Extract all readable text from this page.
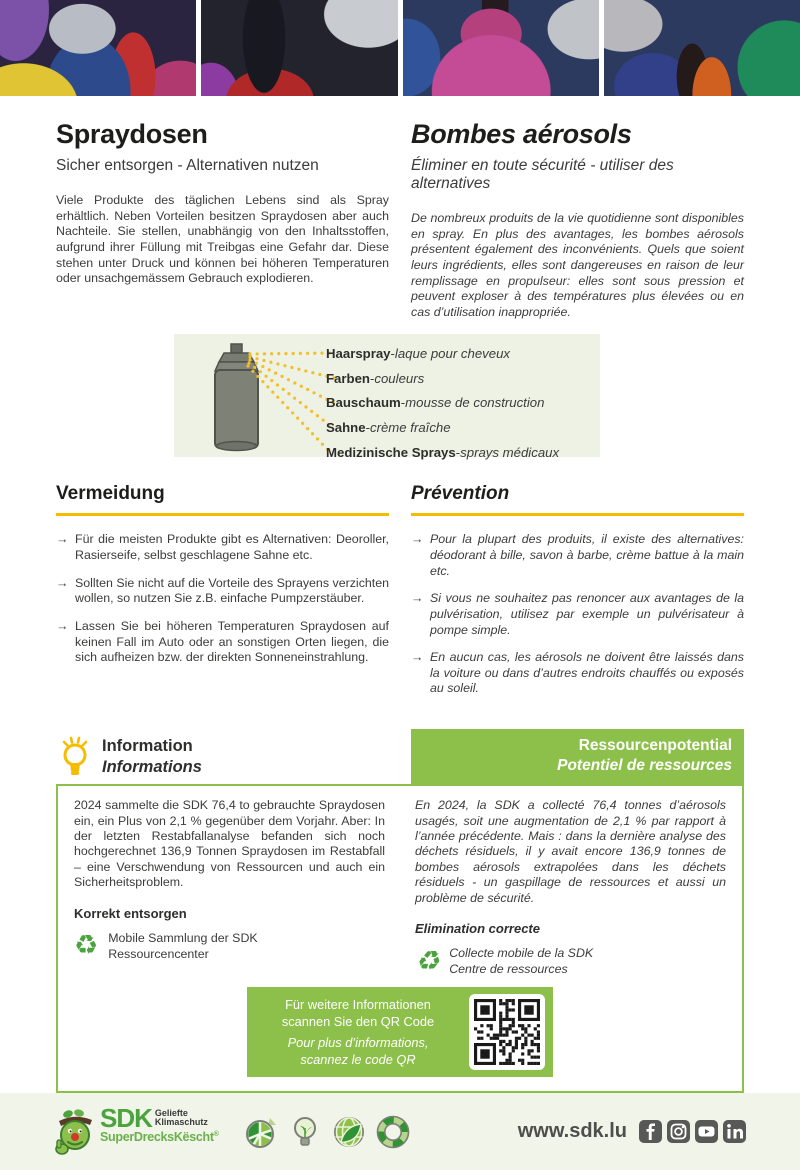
Spraydosen
Sicher entsorgen - Alternativen nutzen

Viele Produkte des täglichen Lebens sind als Spray erhältlich. Neben Vorteilen besitzen Spraydosen aber auch Nachteile. Sie stellen, unabhängig von den Inhaltsstoffen, aufgrund ihrer Füllung mit Treibgas eine Gefahr dar. Diese stehen unter Druck und können bei höheren Temperaturen oder unsachgemässem Gebrauch explodieren.

Bombes aérosols
Éliminer en toute sécurité - utiliser des alternatives

De nombreux produits de la vie quotidienne sont disponibles en spray. En plus des avantages, les bombes aérosols présentent également des inconvénients. Quels que soient leurs ingrédients, elles sont dangereuses en raison de leur remplissage en propulseur: elles sont sous pression et peuvent exploser à des températures plus élevées ou en cas d’utilisation inappropriée.

Haarspray - laque pour cheveux
Farben - couleurs
Bauschaum - mousse de construction
Sahne - crème fraîche
Medizinische Sprays - sprays médicaux
Vermeidung
→ Für die meisten Produkte gibt es Alternativen: Deoroller, Rasierseife, selbst geschlagene Sahne etc.
→ Sollten Sie nicht auf die Vorteile des Sprayens verzichten wollen, so nutzen Sie z.B. einfache Pumpzerstäuber.
→ Lassen Sie bei höheren Temperaturen Spraydosen auf keinen Fall im Auto oder an sonstigen Orten liegen, die sich aufheizen bzw. der direkten Sonneneinstrahlung.
Prévention
→ Pour la plupart des produits, il existe des alternatives: déodorant à bille, savon à barbe, crème battue à la main etc.
→ Si vous ne souhaitez pas renoncer aux avantages de la pulvérisation, utilisez par exemple un pulvérisateur à pompe simple.
→ En aucun cas, les aérosols ne doivent être laissés dans la voiture ou dans d’autres endroits chauffés ou exposés au soleil.
Information
Informations
Ressourcenpotential
Potentiel de ressources

2024 sammelte die SDK 76,4 to gebrauchte Spraydosen ein, ein Plus von 2,1 % gegenüber dem Vorjahr. Aber: In der letzten Restabfallanalyse befanden sich noch hochgerechnet 136,9 Tonnen Spraydosen im Restabfall – eine Verschwendung von Ressourcen und auch ein Sicherheitsproblem.

Korrekt entsorgen
♻ Mobile Sammlung der SDK
Ressourcencenter

En 2024, la SDK a collecté 76,4 tonnes d’aérosols usagés, soit une augmentation de 2,1 % par rapport à l’année précédente. Mais : dans la dernière analyse des déchets résiduels, il y avait encore 136,9 tonnes de bombes aérosols extrapolées dans les déchets résiduels - un gaspillage de ressources et aussi un problème de sécurité.

Elimination correcte
♻ Collecte mobile de la SDK
Centre de ressources
Für weitere Informationen
scannen Sie den QR Code
Pour plus d’informations,
scannez le code QR
SDK Geliefte
Klimaschutz
SuperDrecksKëscht®	www.sdk.lu
